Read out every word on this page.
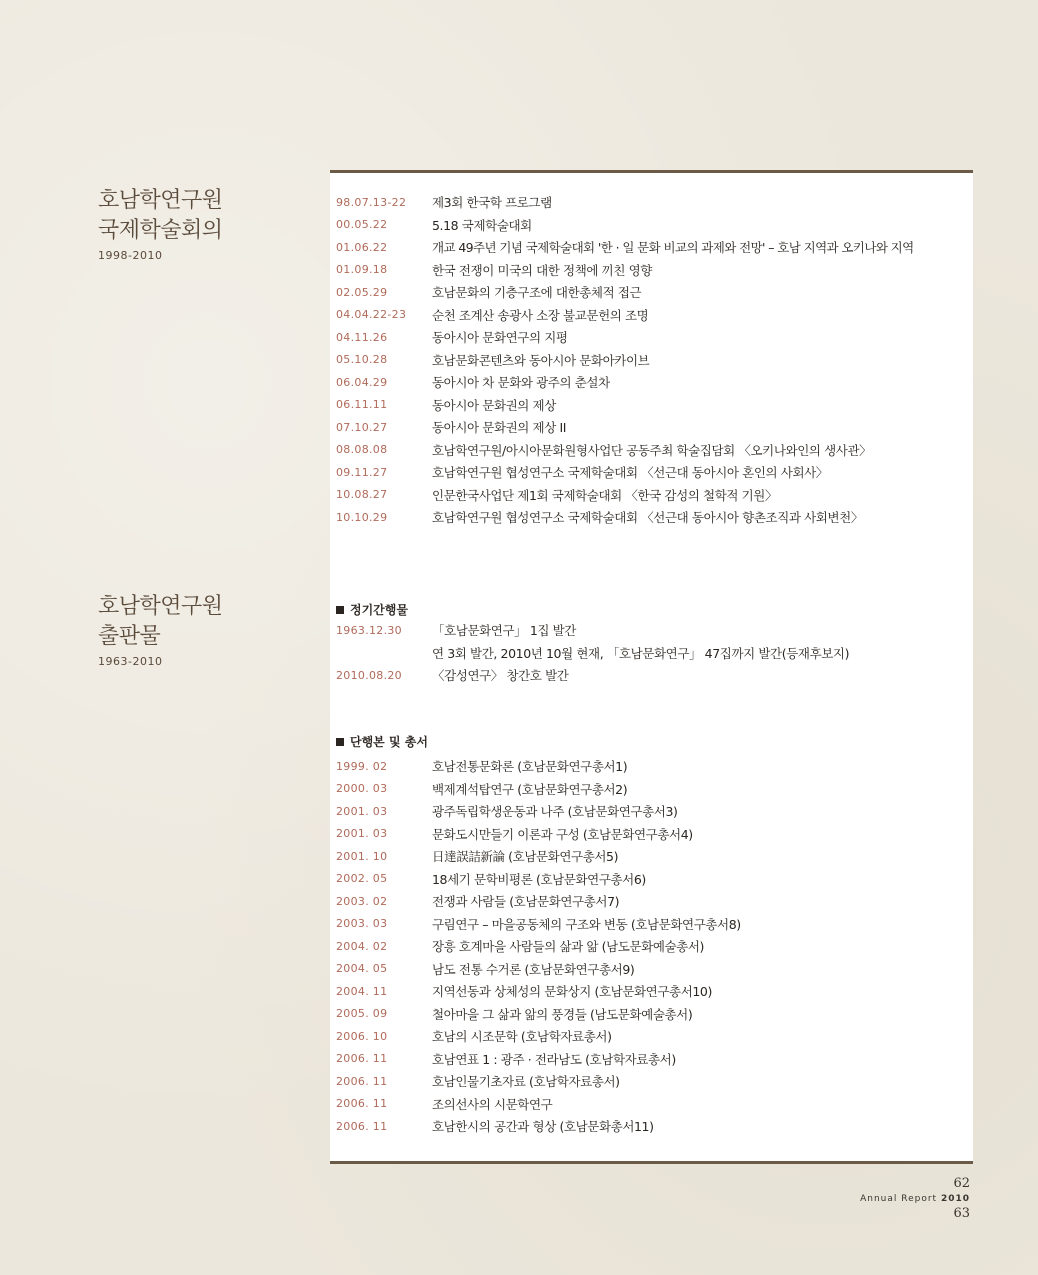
호남학연구원
국제학술회의
1998-2010
호남학연구원
출판물
1963-2010
98.07.13-22	제3회 한국학 프로그램
00.05.22	5.18 국제학술대회
01.06.22	개교 49주년 기념 국제학술대회 '한 · 일 문화 비교의 과제와 전망' – 호남 지역과 오키나와 지역
01.09.18	한국 전쟁이 미국의 대한 정책에 끼친 영향
02.05.29	호남문화의 기층구조에 대한총체적 접근
04.04.22-23	순천 조계산 송광사 소장 불교문헌의 조명
04.11.26	동아시아 문화연구의 지평
05.10.28	호남문화콘텐츠와 동아시아 문화아카이브
06.04.29	동아시아 차 문화와 광주의 춘설차
06.11.11	동아시아 문화권의 제상
07.10.27	동아시아 문화권의 제상 II
08.08.08	호남학연구원/아시아문화원형사업단 공동주최 학술집담회 〈오키나와인의 생사관〉
09.11.27	호남학연구원 협성연구소 국제학술대회 〈선근대 동아시아 혼인의 사회사〉
10.08.27	인문한국사업단 제1회 국제학술대회 〈한국 감성의 철학적 기원〉
10.10.29	호남학연구원 협성연구소 국제학술대회 〈선근대 동아시아 향촌조직과 사회변천〉
정기간행물
1963.12.30	「호남문화연구」 1집 발간
연 3회 발간, 2010년 10월 현재, 「호남문화연구」 47집까지 발간(등재후보지)
2010.08.20	〈감성연구〉 창간호 발간
단행본 및 총서
1999. 02	호남전통문화론 (호남문화연구총서1)
2000. 03	백제계석탑연구 (호남문화연구총서2)
2001. 03	광주독립학생운동과 나주 (호남문화연구총서3)
2001. 03	문화도시만들기 이론과 구성 (호남문화연구총서4)
2001. 10	日達誤詰新論 (호남문화연구총서5)
2002. 05	18세기 문학비평론 (호남문화연구총서6)
2003. 02	전쟁과 사람들 (호남문화연구총서7)
2003. 03	구림연구 – 마을공동체의 구조와 변동 (호남문화연구총서8)
2004. 02	장흥 호계마을 사람들의 삶과 앎 (남도문화예술총서)
2004. 05	남도 전통 수거론 (호남문화연구총서9)
2004. 11	지역선동과 상체성의 문화상지 (호남문화연구총서10)
2005. 09	철아마을 그 삶과 앎의 풍경들 (남도문화예술총서)
2006. 10	호남의 시조문학 (호남학자료총서)
2006. 11	호남연표 1 : 광주 · 전라남도 (호남학자료총서)
2006. 11	호남인물기초자료 (호남학자료총서)
2006. 11	조의선사의 시문학연구
2006. 11	호남한시의 공간과 형상 (호남문화총서11)
62
Annual Report 2010
63
